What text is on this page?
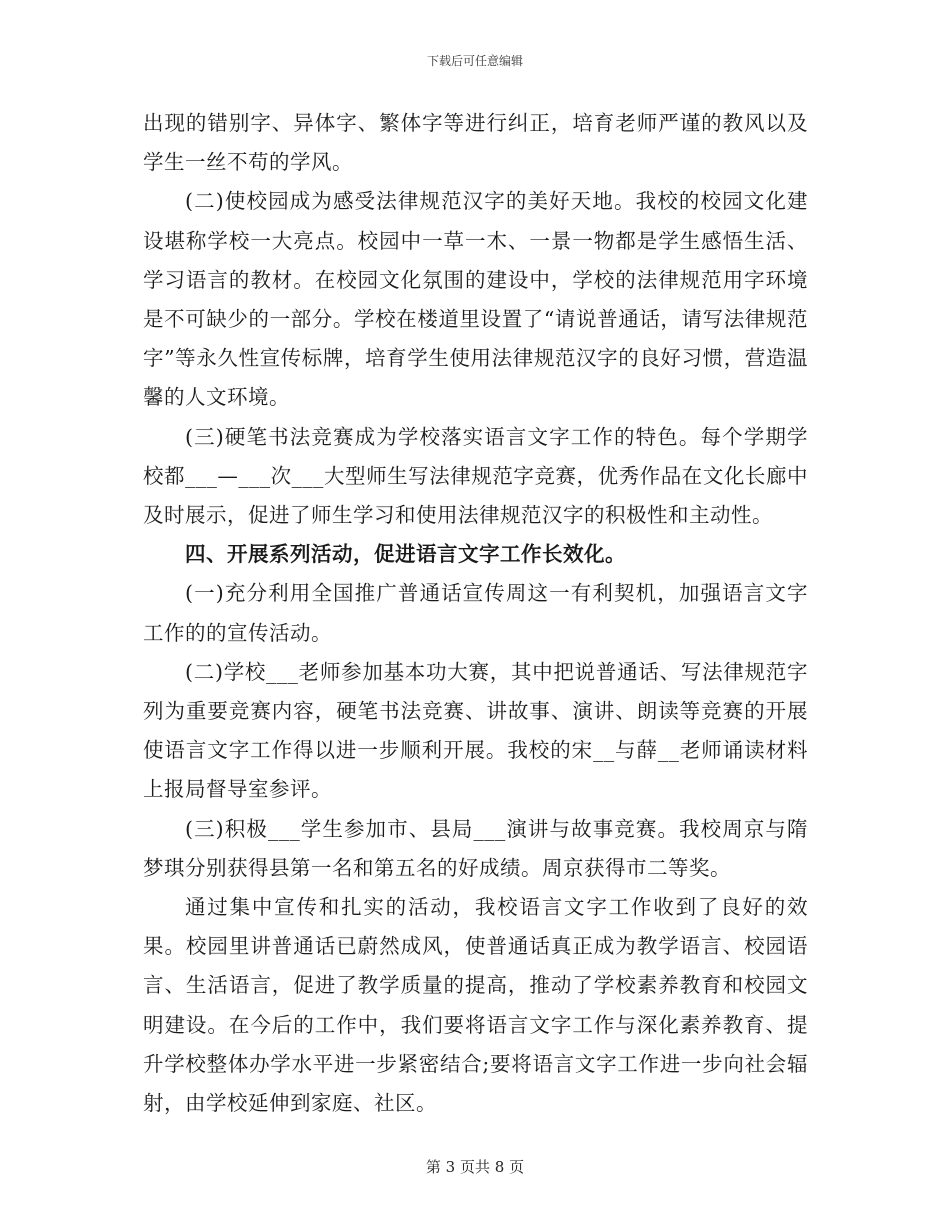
下载后可任意编辑

出现的错别字、异体字、繁体字等进行纠正，培育老师严谨的教风以及学生一丝不苟的学风。

(二)使校园成为感受法律规范汉字的美好天地。我校的校园文化建设堪称学校一大亮点。校园中一草一木、一景一物都是学生感悟生活、学习语言的教材。在校园文化氛围的建设中，学校的法律规范用字环境是不可缺少的一部分。学校在楼道里设置了“请说普通话，请写法律规范字”等永久性宣传标牌，培育学生使用法律规范汉字的良好习惯，营造温馨的人文环境。

(三)硬笔书法竞赛成为学校落实语言文字工作的特色。每个学期学校都___—___次___大型师生写法律规范字竞赛，优秀作品在文化长廊中及时展示，促进了师生学习和使用法律规范汉字的积极性和主动性。

四、开展系列活动，促进语言文字工作长效化。

(一)充分利用全国推广普通话宣传周这一有利契机，加强语言文字工作的的宣传活动。

(二)学校___老师参加基本功大赛，其中把说普通话、写法律规范字列为重要竞赛内容，硬笔书法竞赛、讲故事、演讲、朗读等竞赛的开展使语言文字工作得以进一步顺利开展。我校的宋__与薛__老师诵读材料上报局督导室参评。

(三)积极___学生参加市、县局___演讲与故事竞赛。我校周京与隋梦琪分别获得县第一名和第五名的好成绩。周京获得市二等奖。

通过集中宣传和扎实的活动，我校语言文字工作收到了良好的效果。校园里讲普通话已蔚然成风，使普通话真正成为教学语言、校园语言、生活语言，促进了教学质量的提高，推动了学校素养教育和校园文明建设。在今后的工作中，我们要将语言文字工作与深化素养教育、提升学校整体办学水平进一步紧密结合;要将语言文字工作进一步向社会辐射，由学校延伸到家庭、社区。

第 3 页共 8 页
